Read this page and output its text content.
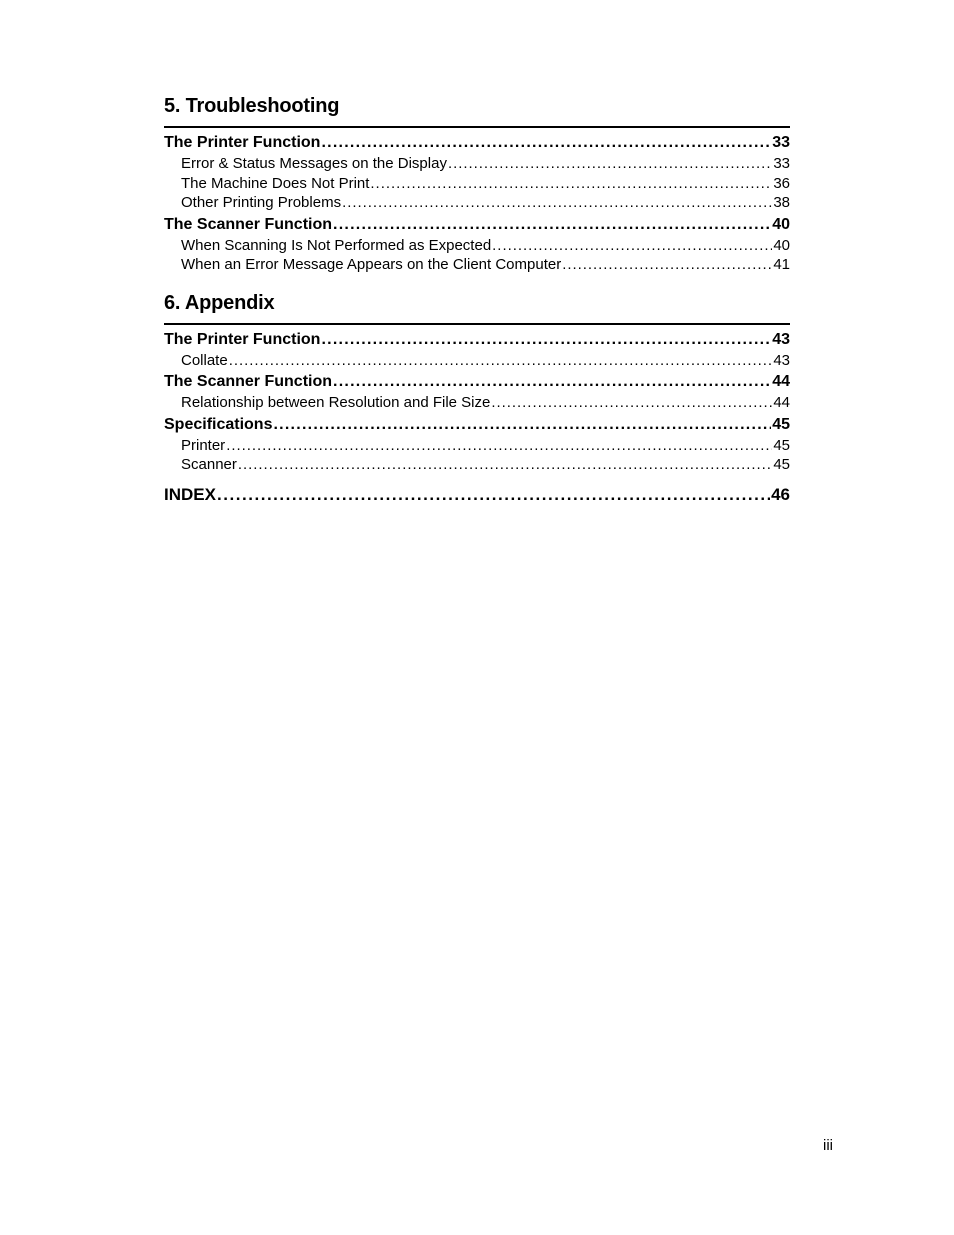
5. Troubleshooting
The Printer Function . . .	33
Error & Status Messages on the Display . . .	33
The Machine Does Not Print . . .	36
Other Printing Problems . . .	38
The Scanner Function . . .	40
When Scanning Is Not Performed as Expected . . .	40
When an Error Message Appears on the Client Computer . . .	41
6. Appendix
The Printer Function . . .	43
Collate . . .	43
The Scanner Function . . .	44
Relationship between Resolution and File Size . . .	44
Specifications . . .	45
Printer . . .	45
Scanner . . .	45
INDEX . . .	46
iii
